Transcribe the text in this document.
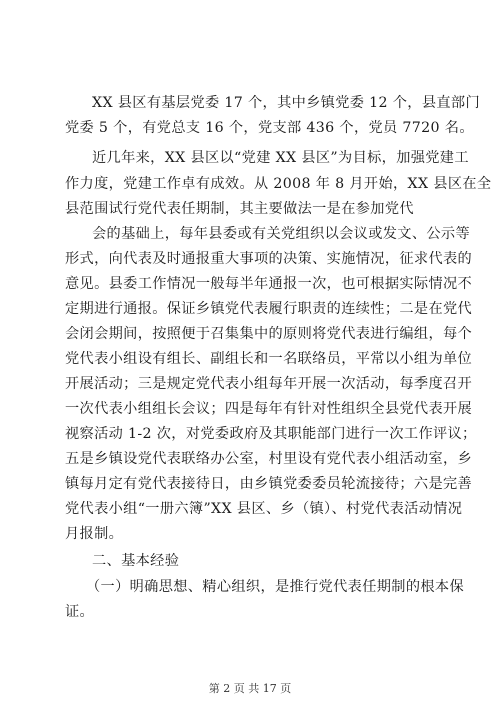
XX 县区有基层党委 17 个，其中乡镇党委 12 个，县直部门
党委 5 个，有党总支 16 个，党支部 436 个，党员 7720 名。
近几年来，XX 县区以“党建 XX 县区”为目标，加强党建工
作力度，党建工作卓有成效。从 2008 年 8 月开始，XX 县区在全
县范围试行党代表任期制，其主要做法一是在参加党代
会的基础上，每年县委或有关党组织以会议或发文、公示等
形式，向代表及时通报重大事项的决策、实施情况，征求代表的
意见。县委工作情况一般每半年通报一次，也可根据实际情况不
定期进行通报。保证乡镇党代表履行职责的连续性；二是在党代
会闭会期间，按照便于召集集中的原则将党代表进行编组，每个
党代表小组设有组长、副组长和一名联络员，平常以小组为单位
开展活动；三是规定党代表小组每年开展一次活动，每季度召开
一次代表小组组长会议；四是每年有针对性组织全县党代表开展
视察活动 1-2 次，对党委政府及其职能部门进行一次工作评议；
五是乡镇设党代表联络办公室，村里设有党代表小组活动室，乡
镇每月定有党代表接待日，由乡镇党委委员轮流接待；六是完善
党代表小组“一册六簿”XX 县区、乡（镇）、村党代表活动情况
月报制。
二、基本经验
（一）明确思想、精心组织，是推行党代表任期制的根本保
证。
第 2 页 共 17 页
